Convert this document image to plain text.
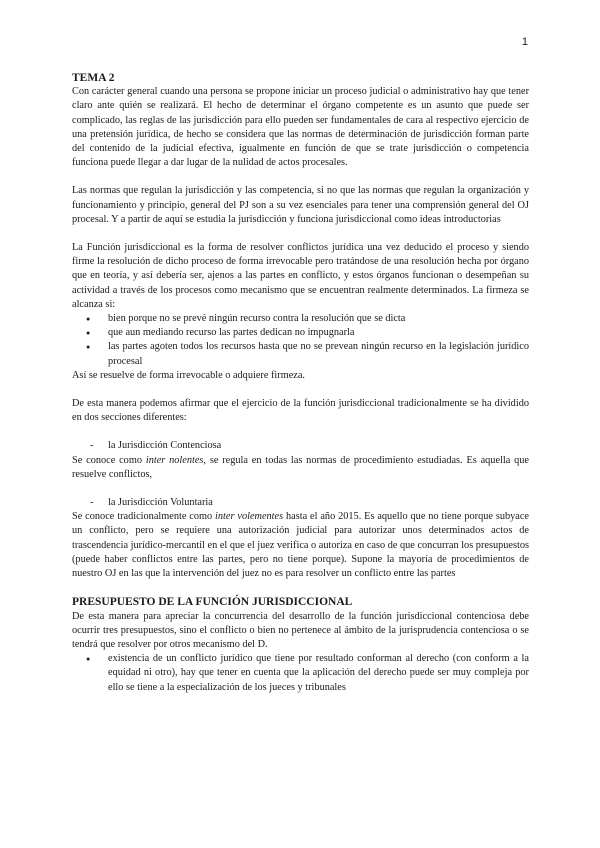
1
TEMA 2

Con carácter general cuando una persona se propone iniciar un proceso judicial o administrativo hay que tener claro ante quién se realizará. El hecho de determinar el órgano competente es un asunto que puede ser complicado, las reglas de las jurisdicción para ello pueden ser fundamentales de cara al respectivo ejercicio de una pretensión jurídica, de hecho se considera que las normas de determinación de jurisdicción forman parte del contenido de la judicial efectiva, igualmente en función de que se trate jurisdicción o competencia funciona puede llegar a dar lugar de la nulidad de actos procesales.

Las normas que regulan la jurisdicción y las competencia, si no que las normas que regulan la organización y funcionamiento y principio, general del PJ son a su vez esenciales para tener una comprensión general del OJ procesal. Y a partir de aquí se estudia la jurisdicción y funciona jurisdiccional como ideas introductorias

La Función jurisdiccional es la forma de resolver conflictos jurídica una vez deducido el proceso y siendo firme la resolución de dicho proceso de forma irrevocable pero tratándose de una resolución hecha por órgano que en teoría, y así debería ser, ajenos a las partes en conflicto, y estos órganos funcionan o desempeñan su actividad a través de los procesos como mecanismo que se encuentran realmente determinados. La firmeza se alcanza si:

● bien porque no se prevé ningún recurso contra la resolución que se dicta
● que aun mediando recurso las partes dedican no impugnarla
● las partes agoten todos los recursos hasta que no se prevean ningún recurso en la legislación jurídico procesal

Así se resuelve de forma irrevocable o adquiere firmeza.

De esta manera podemos afirmar que el ejercicio de la función jurisdiccional tradicionalmente se ha dividido en dos secciones diferentes:

- la Jurisdicción Contenciosa

Se conoce como inter nolentes, se regula en todas las normas de procedimiento estudiadas. Es aquella que resuelve conflictos,

- la Jurisdicción Voluntaria

Se conoce tradicionalmente como inter volementes hasta el año 2015. Es aquello que no tiene porque subyace un conflicto, pero se requiere una autorización judicial para autorizar unos determinados actos de trascendencia jurídico-mercantil en el que el juez verifica o autoriza en caso de que concurran los presupuestos (puede haber conflictos entre las partes, pero no tiene porque). Supone la mayoría de procedimientos de nuestro OJ en las que la intervención del juez no es para resolver un conflicto entre las partes

PRESUPUESTO DE LA FUNCIÓN JURISDICCIONAL

De esta manera para apreciar la concurrencia del desarrollo de la función jurisdiccional contenciosa debe ocurrir tres presupuestos, sino el conflicto o bien no pertenece al ámbito de la jurisprudencia contenciosa o se tendrá que resolver por otros mecanismo del D.

● existencia de un conflicto jurídico que tiene por resultado conforman al derecho (con conform a la equidad ni otro), hay que tener en cuenta que la aplicación del derecho puede ser muy compleja por ello se tiene a la especialización de los jueces y tribunales
